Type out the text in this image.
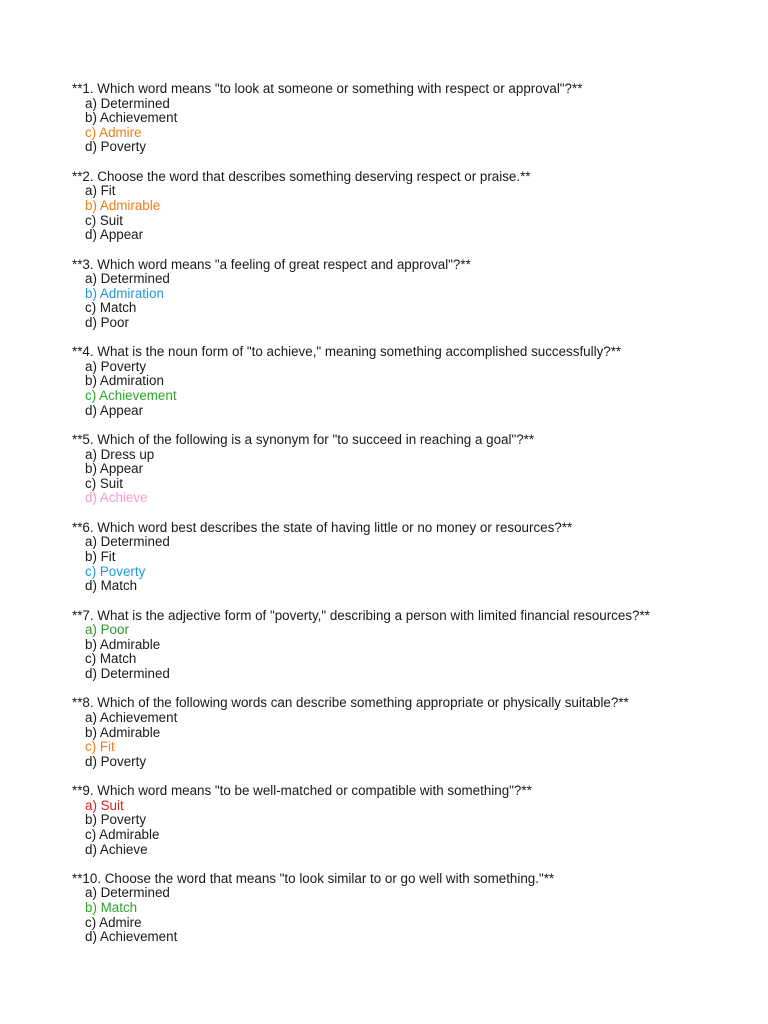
**1. Which word means "to look at someone or something with respect or approval"?**
a) Determined
b) Achievement
c) Admire
d) Poverty
**2. Choose the word that describes something deserving respect or praise.**
a) Fit
b) Admirable
c) Suit
d) Appear
**3. Which word means "a feeling of great respect and approval"?**
a) Determined
b) Admiration
c) Match
d) Poor
**4. What is the noun form of "to achieve," meaning something accomplished successfully?**
a) Poverty
b) Admiration
c) Achievement
d) Appear
**5. Which of the following is a synonym for "to succeed in reaching a goal"?**
a) Dress up
b) Appear
c) Suit
d) Achieve
**6. Which word best describes the state of having little or no money or resources?**
a) Determined
b) Fit
c) Poverty
d) Match
**7. What is the adjective form of "poverty," describing a person with limited financial resources?**
a) Poor
b) Admirable
c) Match
d) Determined
**8. Which of the following words can describe something appropriate or physically suitable?**
a) Achievement
b) Admirable
c) Fit
d) Poverty
**9. Which word means "to be well-matched or compatible with something"?**
a) Suit
b) Poverty
c) Admirable
d) Achieve
**10. Choose the word that means "to look similar to or go well with something."**
a) Determined
b) Match
c) Admire
d) Achievement
